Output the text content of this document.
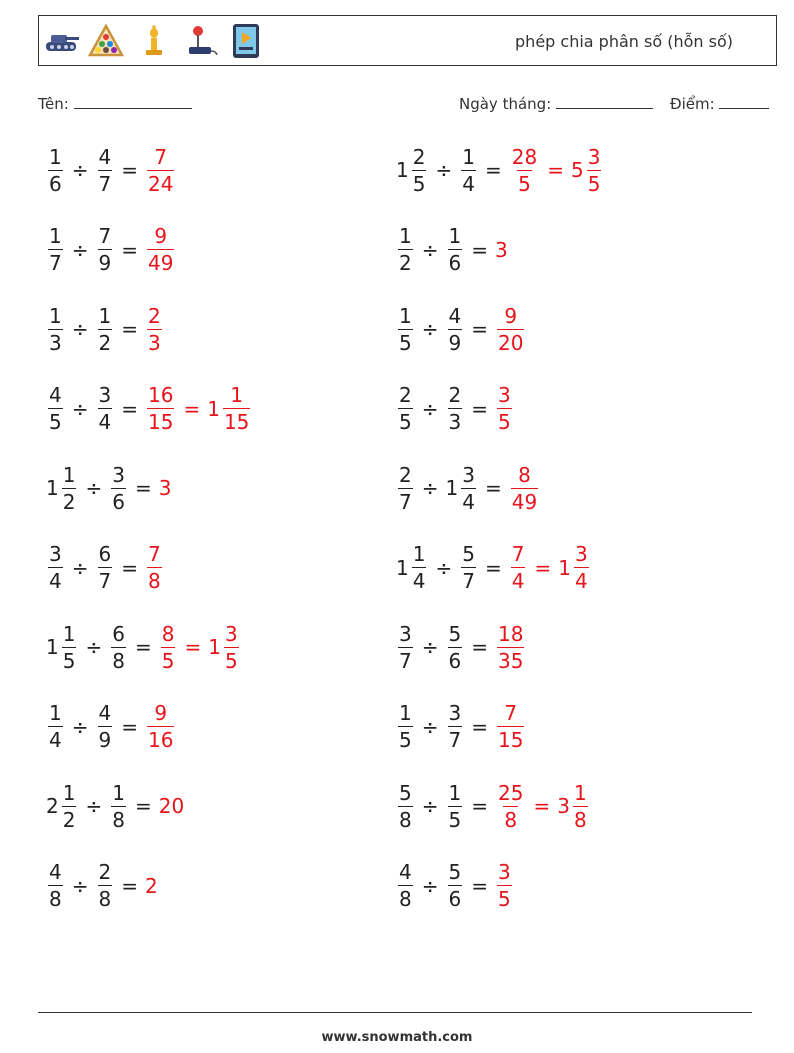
phép chia phân số (hỗn số)
Tên:	Ngày tháng:	Điểm:
$\frac{1}{6} \div \frac{4}{7} = \frac{7}{24}$	$1 \frac{2}{5} \div \frac{1}{4} = \frac{28}{5} = 5 \frac{3}{5}$
$\frac{1}{7} \div \frac{7}{9} = \frac{9}{49}$	$\frac{1}{2} \div \frac{1}{6} = 3$
$\frac{1}{3} \div \frac{1}{2} = \frac{2}{3}$	$\frac{1}{5} \div \frac{4}{9} = \frac{9}{20}$
$\frac{4}{5} \div \frac{3}{4} = \frac{16}{15} = 1 \frac{1}{15}$	$\frac{2}{5} \div \frac{2}{3} = \frac{3}{5}$
$1 \frac{1}{2} \div \frac{3}{6} = 3$	$\frac{2}{7} \div 1 \frac{3}{4} = \frac{8}{49}$
$\frac{3}{4} \div \frac{6}{7} = \frac{7}{8}$	$1 \frac{1}{4} \div \frac{5}{7} = \frac{7}{4} = 1 \frac{3}{4}$
$1 \frac{1}{5} \div \frac{6}{8} = \frac{8}{5} = 1 \frac{3}{5}$	$\frac{3}{7} \div \frac{5}{6} = \frac{18}{35}$
$\frac{1}{4} \div \frac{4}{9} = \frac{9}{16}$	$\frac{1}{5} \div \frac{3}{7} = \frac{7}{15}$
$2 \frac{1}{2} \div \frac{1}{8} = 20$	$\frac{5}{8} \div \frac{1}{5} = \frac{25}{8} = 3 \frac{1}{8}$
$\frac{4}{8} \div \frac{2}{8} = 2$	$\frac{4}{8} \div \frac{5}{6} = \frac{3}{5}$
www.snowmath.com
